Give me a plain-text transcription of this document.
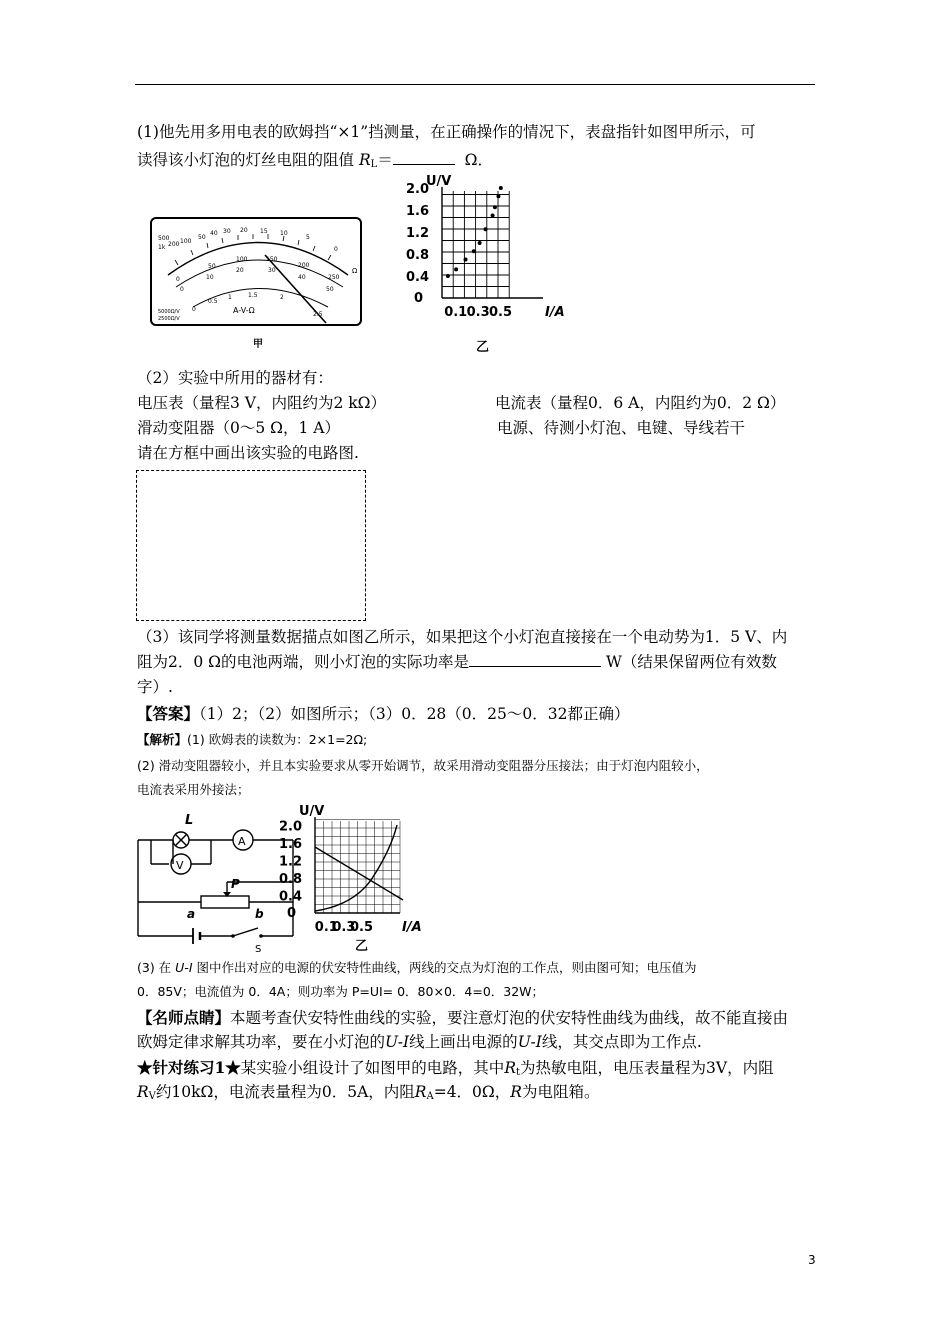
(1)他先用多用电表的欧姆挡“×1”挡测量，在正确操作的情况下，表盘指针如图甲所示，可
读得该小灯泡的灯丝电阻的阻值 $R_L=$	Ω．
500
1k 200 100
50
40 30 20 15 10
5
0
Ω
0
50
100	150
200
250
0
10
20	30
40
50
0
0.5
1	1.5	2
2.5
A-V-Ω
5000Ω/V
2500Ω/V
甲
2.0
1.6
1.2
0.8
0.4
0
0.1 0.3 0.5
U/V
I/A
乙
（2）实验中所用的器材有：
电压表（量程3 V，内阻约为2 kΩ）	电流表（量程0．6 A，内阻约为0．2 Ω）
滑动变阻器（0～5 Ω，1 A）	电源、待测小灯泡、电键、导线若干
请在方框中画出该实验的电路图.
（3）该同学将测量数据描点如图乙所示，如果把这个小灯泡直接接在一个电动势为1．5 V、内
阻为2．0 Ω的电池两端，则小灯泡的实际功率是	W（结果保留两位有效数
字）.
【答案】（1）2；（2）如图所示；（3）0．28（0．25～0．32都正确）
【解析】(1) 欧姆表的读数为：2×1=2Ω;
(2) 滑动变阻器较小，并且本实验要求从零开始调节，故采用滑动变阻器分压接法；由于灯泡内阻较小，
电流表采用外接法；
L
A
V
P
a	b
S
2.0
1.6
1.2
0.8
0.4
0
0.1
0.3
0.5
U/V
I/A
乙
(3) 在 U-I 图中作出对应的电源的伏安特性曲线，两线的交点为灯泡的工作点，则由图可知；电压值为
0．85V；电流值为 0．4A；则功率为 P=UI= 0．80×0．4=0．32W；
【名师点睛】本题考查伏安特性曲线的实验，要注意灯泡的伏安特性曲线为曲线，故不能直接由
欧姆定律求解其功率，要在小灯泡的U-I线上画出电源的U-I线，其交点即为工作点.
★针对练习1★某实验小组设计了如图甲的电路，其中$R_t$为热敏电阻，电压表量程为3V，内阻
$R_V$约10kΩ，电流表量程为0．5A，内阻$R_A=4$．0Ω，R为电阻箱。
3
